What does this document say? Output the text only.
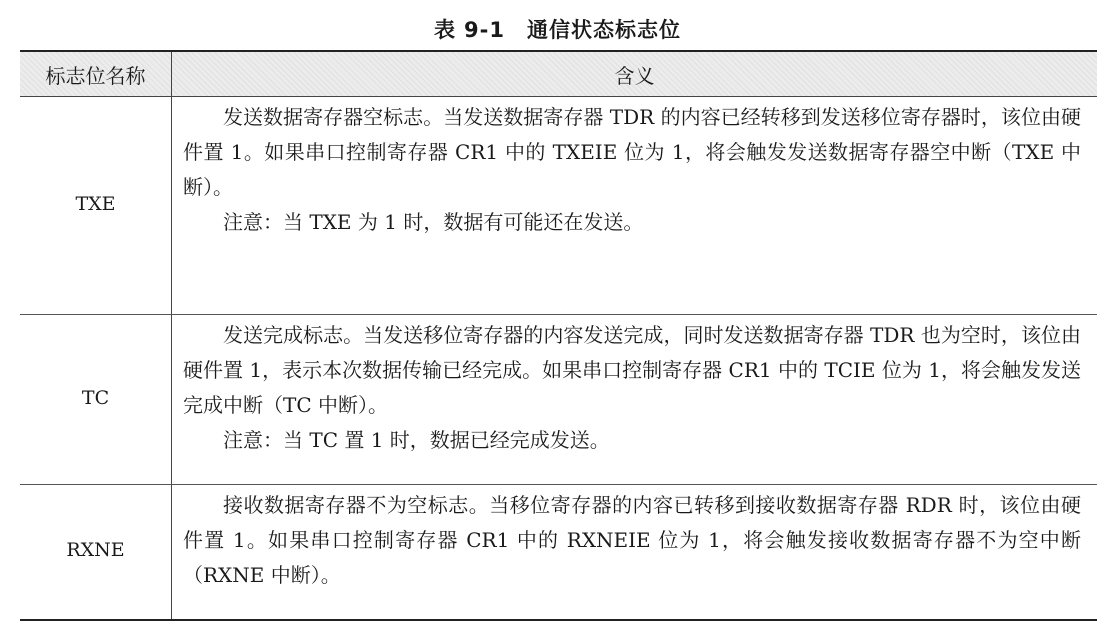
表 9-1 通信状态标志位
标志位名称	含义
TXE

发送数据寄存器空标志。当发送数据寄存器 TDR 的内容已经转移到发送移位寄存器时，该位由硬件置 1。如果串口控制寄存器 CR1 中的 TXEIE 位为 1，将会触发发送数据寄存器空中断（TXE 中断）。

注意：当 TXE 为 1 时，数据有可能还在发送。

TC

发送完成标志。当发送移位寄存器的内容发送完成，同时发送数据寄存器 TDR 也为空时，该位由硬件置 1，表示本次数据传输已经完成。如果串口控制寄存器 CR1 中的 TCIE 位为 1，将会触发发送完成中断（TC 中断）。

注意：当 TC 置 1 时，数据已经完成发送。

RXNE

接收数据寄存器不为空标志。当移位寄存器的内容已转移到接收数据寄存器 RDR 时，该位由硬件置 1。如果串口控制寄存器 CR1 中的 RXNEIE 位为 1，将会触发接收数据寄存器不为空中断（RXNE 中断）。
